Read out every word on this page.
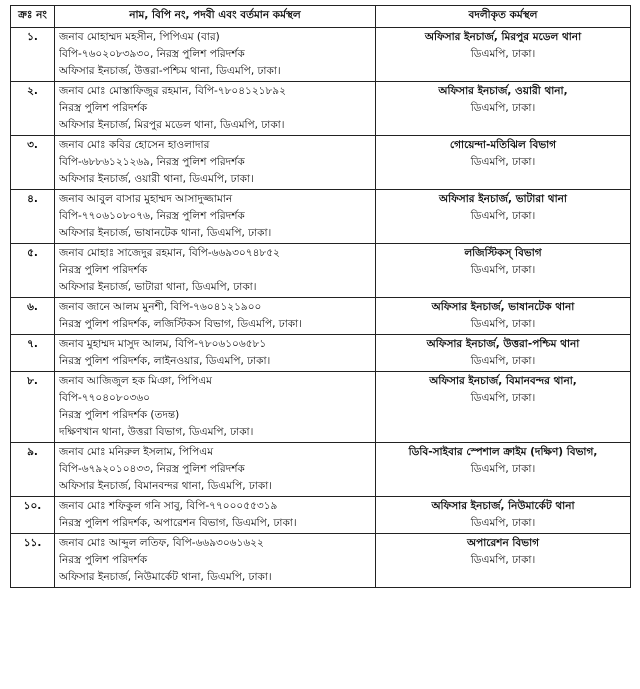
ক্রঃ নং	নাম, বিপি নং, পদবী এবং বর্তমান কর্মস্থল	বদলীকৃত কর্মস্থল
১.	জনাব মোহাম্মদ মহসীন, পিপিএম (বার)
বিপি-৭৬০২০৮৩৯৩০, নিরস্ত্র পুলিশ পরিদর্শক
অফিসার ইনচার্জ, উত্তরা-পশ্চিম থানা, ডিএমপি, ঢাকা।	অফিসার ইনচার্জ, মিরপুর মডেল থানা
ডিএমপি, ঢাকা।

২.	জনাব মোঃ মোস্তাফিজুর রহমান, বিপি-৭৮০৪১২১৮৯২
নিরস্ত্র পুলিশ পরিদর্শক
অফিসার ইনচার্জ, মিরপুর মডেল থানা, ডিএমপি, ঢাকা।	অফিসার ইনচার্জ, ওয়ারী থানা,
ডিএমপি, ঢাকা।

৩.	জনাব মোঃ কবির হোসেন হাওলাদার
বিপি-৬৮৮৬১২১২৬৯, নিরস্ত্র পুলিশ পরিদর্শক
অফিসার ইনচার্জ, ওয়ারী থানা, ডিএমপি, ঢাকা।	গোয়েন্দা-মতিঝিল বিভাগ
ডিএমপি, ঢাকা।

৪.	জনাব আবুল বাসার মুহাম্মদ আসাদুজ্জামান
বিপি-৭৭০৬১০৮০৭৬, নিরস্ত্র পুলিশ পরিদর্শক
অফিসার ইনচার্জ, ভাষানটেক থানা, ডিএমপি, ঢাকা।	অফিসার ইনচার্জ, ভাটারা থানা
ডিএমপি, ঢাকা।

৫.	জনাব মোহাঃ সাজেদুর রহমান, বিপি-৬৬৯৩০৭৪৮৫২
নিরস্ত্র পুলিশ পরিদর্শক
অফিসার ইনচার্জ, ভাটারা থানা, ডিএমপি, ঢাকা।	লজিস্টিকস্ বিভাগ
ডিএমপি, ঢাকা।

৬.	জনাব জানে আলম মুনশী, বিপি-৭৬০৪১২১৯০০
নিরস্ত্র পুলিশ পরিদর্শক, লজিস্টিকস বিভাগ, ডিএমপি, ঢাকা।	অফিসার ইনচার্জ, ভাষানটেক থানা
ডিএমপি, ঢাকা।

৭.	জনাব মুহাম্মদ মাসুদ আলম, বিপি-৭৮০৬১০৬৫৮১
নিরস্ত্র পুলিশ পরিদর্শক, লাইনওয়ার, ডিএমপি, ঢাকা।	অফিসার ইনচার্জ, উত্তরা-পশ্চিম থানা
ডিএমপি, ঢাকা।

৮.	জনাব আজিজুল হক মিঞা, পিপিএম
বিপি-৭৭০৪০৮০৩৬০
নিরস্ত্র পুলিশ পরিদর্শক (তদন্ত)
দক্ষিণখান থানা, উত্তরা বিভাগ, ডিএমপি, ঢাকা।	অফিসার ইনচার্জ, বিমানবন্দর থানা,
ডিএমপি, ঢাকা।

৯.	জনাব মোঃ মনিরুল ইসলাম, পিপিএম
বিপি-৬৭৯২০১০৪৩৩, নিরস্ত্র পুলিশ পরিদর্শক
অফিসার ইনচার্জ, বিমানবন্দর থানা, ডিএমপি, ঢাকা।	ডিবি-সাইবার স্পেশাল ক্রাইম (দক্ষিণ) বিভাগ,
ডিএমপি, ঢাকা।

১০.	জনাব মোঃ শফিকুল গনি সাবু, বিপি-৭৭০০০৫৫৩১৯
নিরস্ত্র পুলিশ পরিদর্শক, অপারেশন বিভাগ, ডিএমপি, ঢাকা।	অফিসার ইনচার্জ, নিউমার্কেট থানা
ডিএমপি, ঢাকা।

১১.	জনাব মোঃ আব্দুল লতিফ, বিপি-৬৬৯৩০৬১৬২২
নিরস্ত্র পুলিশ পরিদর্শক
অফিসার ইনচার্জ, নিউমার্কেট থানা, ডিএমপি, ঢাকা।	অপারেশন বিভাগ
ডিএমপি, ঢাকা।
